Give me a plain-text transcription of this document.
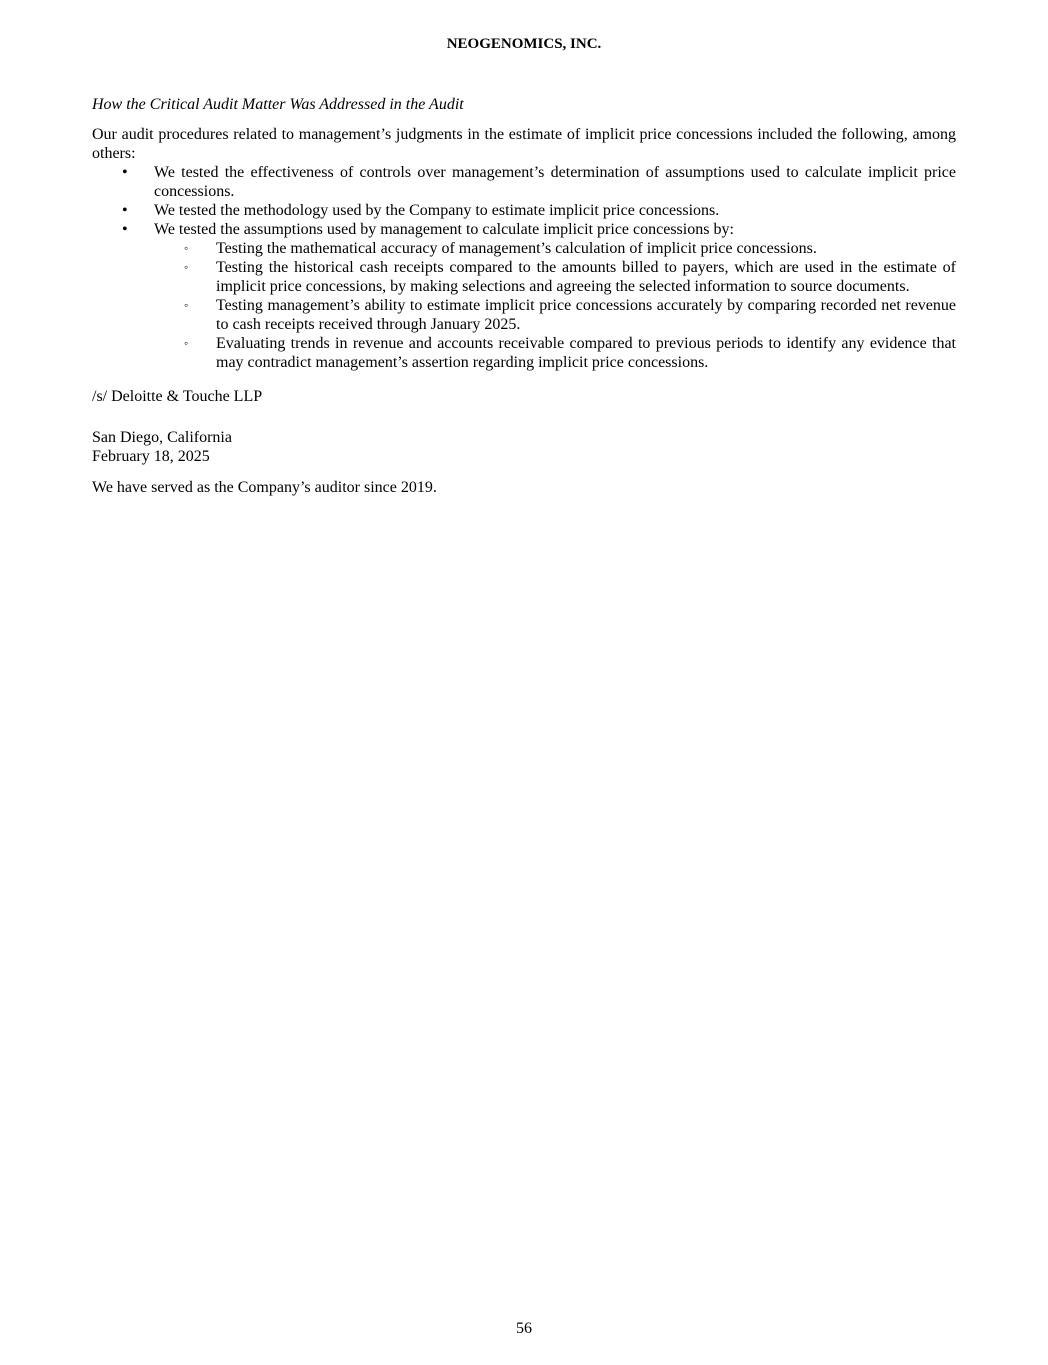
NEOGENOMICS, INC.

How the Critical Audit Matter Was Addressed in the Audit

Our audit procedures related to management’s judgments in the estimate of implicit price concessions included the following, among others:

• We tested the effectiveness of controls over management’s determination of assumptions used to calculate implicit price concessions.
• We tested the methodology used by the Company to estimate implicit price concessions.
• We tested the assumptions used by management to calculate implicit price concessions by:
◦ Testing the mathematical accuracy of management’s calculation of implicit price concessions.
◦ Testing the historical cash receipts compared to the amounts billed to payers, which are used in the estimate of implicit price concessions, by making selections and agreeing the selected information to source documents.
◦ Testing management’s ability to estimate implicit price concessions accurately by comparing recorded net revenue to cash receipts received through January 2025.
◦ Evaluating trends in revenue and accounts receivable compared to previous periods to identify any evidence that may contradict management’s assertion regarding implicit price concessions.

/s/ Deloitte & Touche LLP

San Diego, California
February 18, 2025

We have served as the Company’s auditor since 2019.

56
